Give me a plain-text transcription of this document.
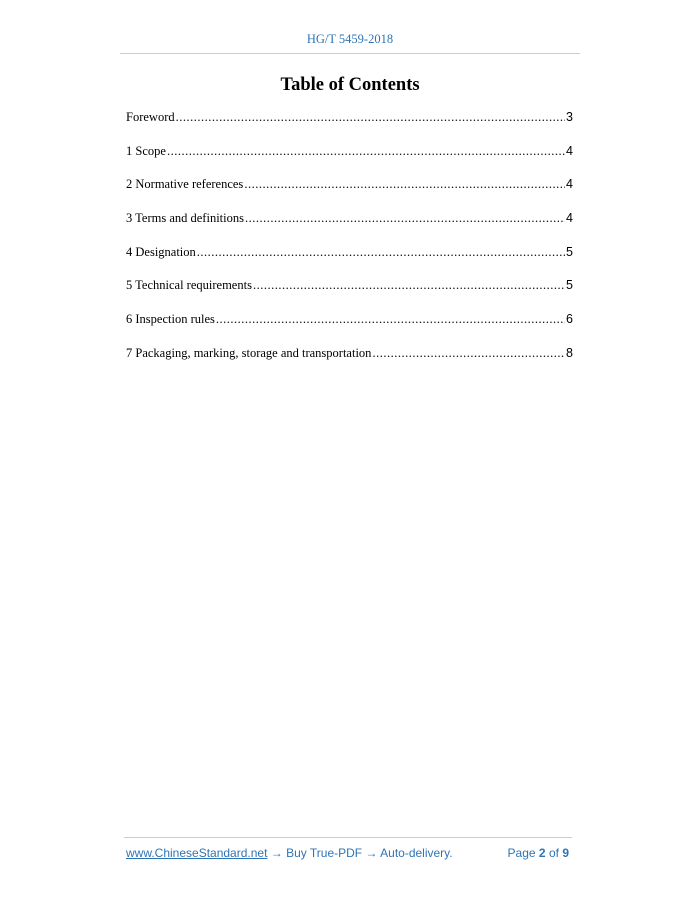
HG/T 5459-2018
Table of Contents
Foreword .....	3
1 Scope .....	4
2 Normative references .....	4
3 Terms and definitions .....	4
4 Designation .....	5
5 Technical requirements .....	5
6 Inspection rules .....	6
7 Packaging, marking, storage and transportation .....	8
www.ChineseStandard.net → Buy True-PDF → Auto-delivery.	Page 2 of 9
